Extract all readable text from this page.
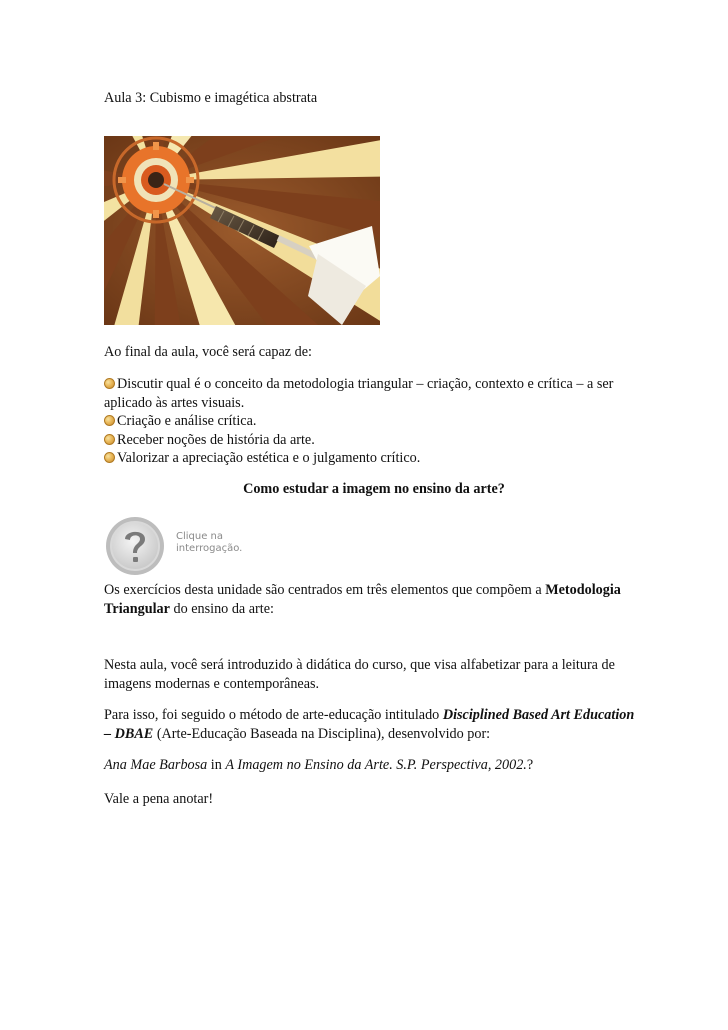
Aula 3: Cubismo e imagética abstrata
Ao final da aula, você será capaz de:
Discutir qual é o conceito da metodologia triangular – criação, contexto e crítica – a ser aplicado às artes visuais.
Criação e análise crítica.
Receber noções de história da arte.
Valorizar a apreciação estética e o julgamento crítico.
Como estudar a imagem no ensino da arte?
Clique na
interrogação.
Os exercícios desta unidade são centrados em três elementos que compõem a Metodologia Triangular do ensino da arte:
Nesta aula, você será introduzido à didática do curso, que visa alfabetizar para a leitura de imagens modernas e contemporâneas.
Para isso, foi seguido o método de arte-educação intitulado Disciplined Based Art Education – DBAE (Arte-Educação Baseada na Disciplina), desenvolvido por:
Ana Mae Barbosa in A Imagem no Ensino da Arte. S.P. Perspectiva, 2002.?
Vale a pena anotar!
